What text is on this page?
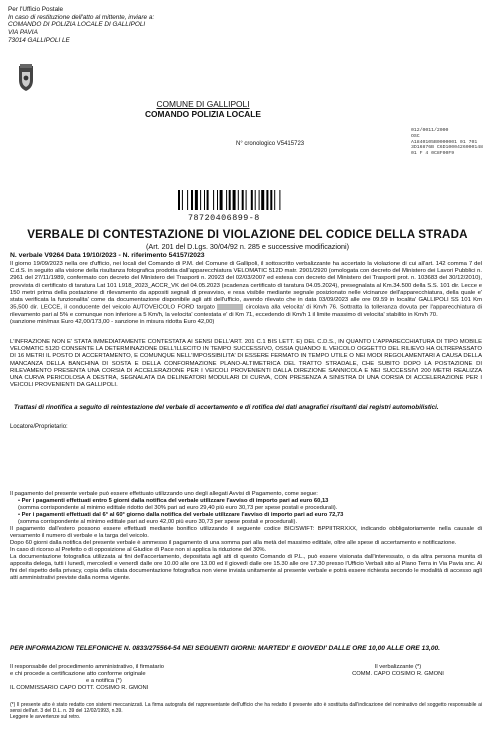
Per l'Ufficio Postale
In caso di restituzione dell'atto al mittente, inviare a:
COMANDO DI POLIZIA LOCALE DI GALLIPOLI
VIA PAVIA
73014 GALLIPOLI LE
COMUNE DI GALLIPOLI
COMANDO POLIZIA LOCALE
012/0011/2000
OSC
A1840105B0000001 01 701
3D16876B C6D1000426000148
01 F 4 0C8F00F9
N° cronologico V5415723
78720406899-8
VERBALE DI CONTESTAZIONE DI VIOLAZIONE DEL CODICE DELLA STRADA
(Art. 201 del D.Lgs. 30/04/92 n. 285 e successive modificazioni)
N. verbale V9264 Data 19/10/2023 - N. riferimento 54157/2023
Il giorno 19/09/2023 nella ore d'ufficio, nei locali del Comando di P.M. del Comune di Gallipoli, il sottoscritto verbalizzante ha accertato la violazione di cui all'art. 142 comma 7 del C.d.S. in seguito alla visione della risultanza fotografica prodotta dall'apparecchiatura VELOMATIC 512D matr. 2901/2920 (omologata con decreto del Ministero dei Lavori Pubblici n. 2961 del 27/11/1989, confermato con decreto del Ministero dei Trasporti n. 20923 del 02/03/2007 ed estesa con decreto del Ministero dei Trasporti prot. n. 103683 del 30/12/2010), provvista di certificato di taratura Lat 101 L918_2023_ACCR_VK del 04.05.2023 (scadenza certificato di taratura 04.05.2024), presegnalata al Km.34.500 della S.S. 101 dir. Lecce e 150 metri prima della postazione di rilevamento da appositi segnali di preavviso, e resa visibile mediante segnale posizionato nelle vicinanze dell'apparecchiatura, della quale e' stata verificata la funzionalita' come da documentazione disponibile agli atti dell'ufficio, avendo rilevato che in data 03/09/2023 alle ore 09.59 in localita' GALLIPOLI SS 101 Km 35,500 dir. LECCE, il conducente del veicolo AUTOVEICOLO FORD targato	circolava alla velocita' di Km/h 76. Sottratta la tolleranza dovuta per l'apparecchiatura di rilevamento pari al 5% e comunque non inferiore a 5 Km/h, la velocita' contestata e' di Km 71, eccedendo di Km/h 1 il limite massimo di velocita' stabilito in Km/h 70.
(sanzione min/max Euro 42,00/173,00 - sanzione in misura ridotta Euro 42,00)
L'INFRAZIONE NON E' STATA IMMEDIATAMENTE CONTESTATA AI SENSI DELL'ART. 201 C.1 BIS LETT. E) DEL C.D.S., IN QUANTO L'APPARECCHIATURA DI TIPO MOBILE VELOMATIC 512D CONSENTE LA DETERMINAZIONE DELL'ILLECITO IN TEMPO SUCCESSIVO, OSSIA QUANDO IL VEICOLO OGGETTO DEL RILIEVO HA OLTREPASSATO DI 16 METRI IL POSTO DI ACCERTAMENTO, E COMUNQUE NELL'IMPOSSIBILITA' DI ESSERE FERMATO IN TEMPO UTILE O NEI MODI REGOLAMENTARI A CAUSA DELLA MANCANZA DELLA BANCHINA DI SOSTA E DELLA CONFORMAZIONE PLANO-ALTIMETRICA DEL TRATTO STRADALE, CHE SUBITO DOPO LA POSTAZIONE DI RILEVAMENTO PRESENTA UNA CORSIA DI ACCELERAZIONE PER I VEICOLI PROVENIENTI DALLA DIREZIONE SANNICOLA E NEI SUCCESSIVI 200 METRI REALIZZA UNA CURVA PERICOLOSA A DESTRA, SEGNALATA DA DELINEATORI MODULARI DI CURVA, CON PRESENZA A SINISTRA DI UNA CORSIA DI ACCELERAZIONE PER I VEICOLI PROVENIENTI DA GALLIPOLI.
Trattasi di rinotifica a seguito di reintestazione del verbale di accertamento e di rotifica dei dati anagrafici risultanti dai registri automobilistici.
Locatore/Proprietario:

Il pagamento del presente verbale può essere effettuato utilizzando uno degli allegati Avvisi di Pagamento, come segue:

• Per i pagamenti effettuati entro 5 giorni dalla notifica del verbale utilizzare l'avviso di importo pari ad euro 60,13
(somma corrispondente al minimo edittale ridotto del 30% pari ad euro 29,40 più euro 30,73 per spese postali e procedurali).

• Per i pagamenti effettuati dal 6° al 60° giorno dalla notifica del verbale utilizzare l'avviso di importo pari ad euro 72,73
(somma corrispondente al minimo edittale pari ad euro 42,00 più euro 30,73 per spese postali e procedurali).

Il pagamento dall'estero possono essere effettuati mediante bonifico utilizzando il seguente codice BIC/SWIFT: BPPIITRRXXX, indicando obbligatoriamente nella causale di versamento il numero di verbale e la targa del veicolo.

Dopo 60 giorni dalla notifica del presente verbale è ammesso il pagamento di una somma pari alla metà del massimo edittale, oltre alle spese di accertamento e notificazione.

In caso di ricorso al Prefetto o di opposizione al Giudice di Pace non si applica la riduzione del 30%.

La documentazione fotografica utilizzata ai fini dell'accertamento, depositata agli atti di questo Comando di P.L., può essere visionata dall'interessato, o da altra persona munita di apposita delega, tutti i lunedì, mercoledì e venerdì dalle ore 10.00 alle ore 13.00 ed il giovedì dalle ore 15.30 alle ore 17.30 presso l'Ufficio Verbali sito al Piano Terra in Via Pavia snc. Ai fini del rispetto della privacy, copia della citata documentazione fotografica non viene inviata unitamente al presente verbale e potrà essere richiesta secondo le modalità di accesso agli atti amministrativi previste dalla norma vigente.

PER INFORMAZIONI TELEFONICHE N. 0833/275564-54 NEI SEGUENTI GIORNI: MARTEDI' E GIOVEDI' DALLE ORE 10,00 ALLE ORE 13,00.
Il responsabile del procedimento amministrativo, il firmatario
e chi procede a certificazione atto conforme originale
e a notifica (*)
IL COMMISSARIO CAPO DOTT. COSIMO R. GMONI
Il verbalizzante (*)
COMM. CAPO COSIMO R. GMONI
(*) Il presente atto è stato redatto con sistemi meccanizzati. La firma autografa del rappresentante dell'ufficio che ha redatto il presente atto è sostituita dall'indicazione del nominativo del soggetto responsabile ai sensi dell'art. 3 del D.L. n. 39 del 12/02/1993, n.39.
Leggere le avvertenze sul retro.
